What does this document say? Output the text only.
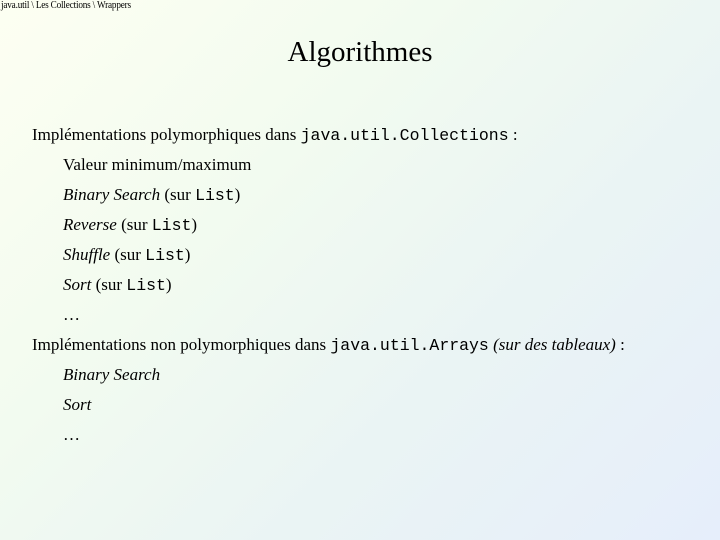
java.util \ Les Collections \ Wrappers
Algorithmes
Implémentations polymorphiques dans java.util.Collections :
Valeur minimum/maximum
Binary Search (sur List)
Reverse (sur List)
Shuffle (sur List)
Sort (sur List)
…
Implémentations non polymorphiques dans java.util.Arrays (sur des tableaux) :
Binary Search
Sort
…
